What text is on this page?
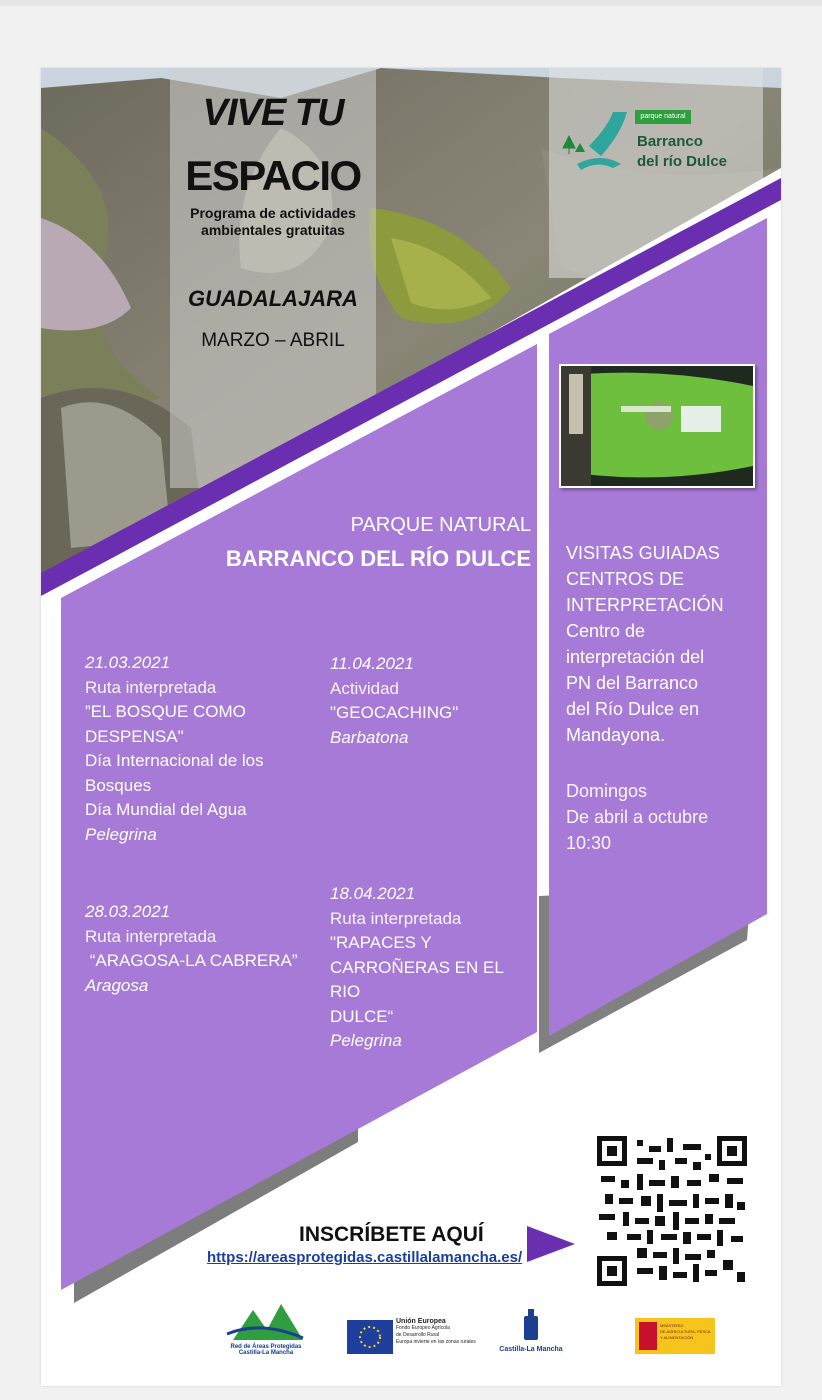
VIVE TU
ESPACIO
Programa de actividades
ambientales gratuitas
GUADALAJARA
MARZO – ABRIL
parque natural
Barranco
del río Dulce
PARQUE NATURAL
BARRANCO DEL RÍO DULCE
21.03.2021
Ruta interpretada
”EL BOSQUE COMO
DESPENSA"
Día Internacional de los
Bosques
Día Mundial del Agua
Pelegrina
11.04.2021
Actividad
"GEOCACHING"
Barbatona
28.03.2021
Ruta interpretada
“ARAGOSA-LA CABRERA”
Aragosa
18.04.2021
Ruta interpretada
"RAPACES Y
CARROÑERAS EN EL RIO
DULCE“
Pelegrina
VISITAS GUIADAS
CENTROS DE
INTERPRETACIÓN
Centro de
interpretación del
PN del Barranco
del Río Dulce en
Mandayona.
Domingos
De abril a octubre
10:30
INSCRÍBETE AQUÍ
https://areasprotegidas.castillalamancha.es/
Red de Áreas Protegidas
Castilla-La Mancha
Unión Europea
Fondo Europeo Agrícola
de Desarrollo Rural
Europa invierte en las zonas rurales
Castilla-La Mancha
MINISTERIO
DE AGRICULTURA, PESCA
Y ALIMENTACIÓN
